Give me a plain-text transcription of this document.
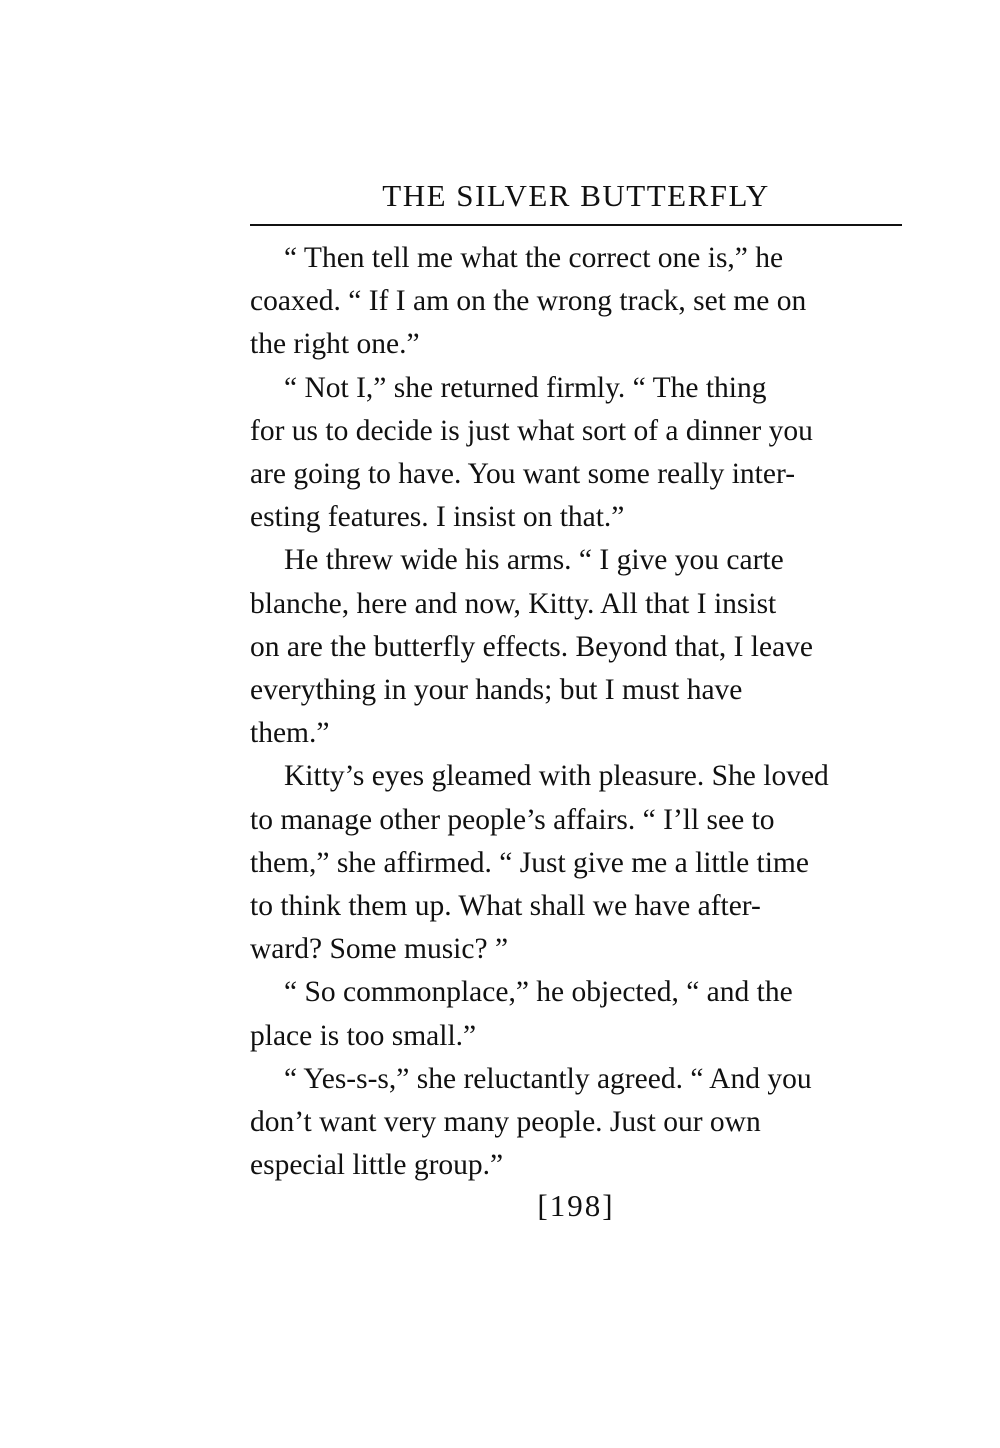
THE SILVER BUTTERFLY

“ Then tell me what the correct one is,” he
coaxed. “ If I am on the wrong track, set me on
the right one.”

“ Not I,” she returned firmly. “ The thing
for us to decide is just what sort of a dinner you
are going to have. You want some really inter-
esting features. I insist on that.”

He threw wide his arms. “ I give you carte
blanche, here and now, Kitty. All that I insist
on are the butterfly effects. Beyond that, I leave
everything in your hands; but I must have
them.”

Kitty’s eyes gleamed with pleasure. She loved
to manage other people’s affairs. “ I’ll see to
them,” she affirmed. “ Just give me a little time
to think them up. What shall we have after-
ward? Some music? ”

“ So commonplace,” he objected, “ and the
place is too small.”

“ Yes-s-s,” she reluctantly agreed. “ And you
don’t want very many people. Just our own
especial little group.”

[198]
